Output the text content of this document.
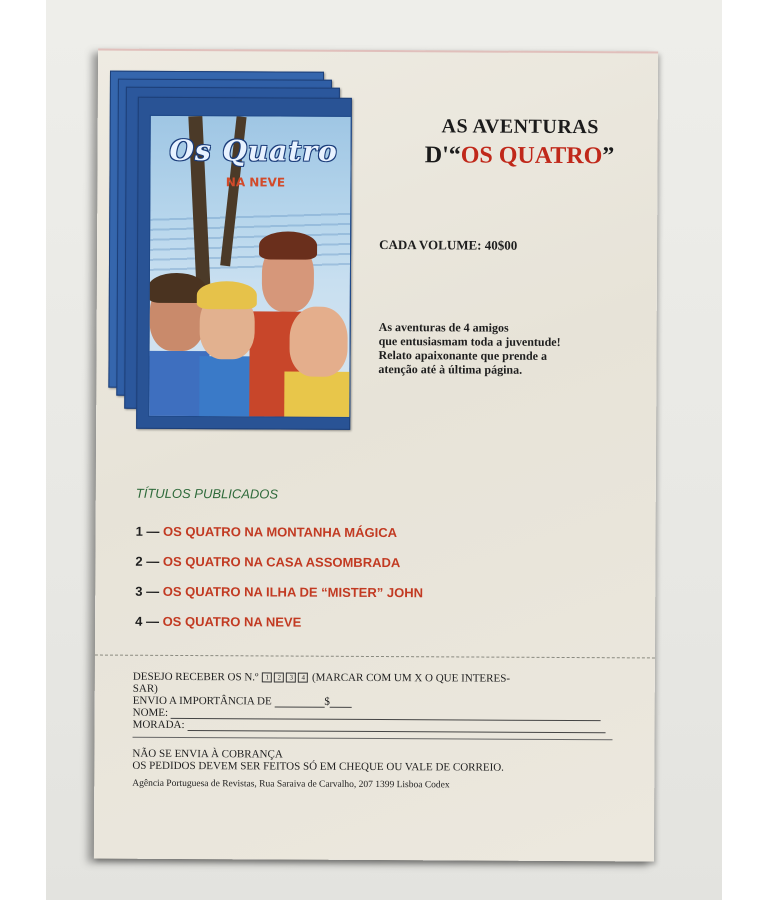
Os Quatro
NA NEVE
AS AVENTURAS
D'“OS QUATRO”
CADA VOLUME: 40$00
As aventuras de 4 amigos
que entusiasmam toda a juventude!
Relato apaixonante que prende a
atenção até à última página.
TÍTULOS PUBLICADOS
1 — OS QUATRO NA MONTANHA MÁGICA
2 — OS QUATRO NA CASA ASSOMBRADA
3 — OS QUATRO NA ILHA DE “MISTER” JOHN
4 — OS QUATRO NA NEVE
DESEJO RECEBER OS N.º 1 2 3 4 (MARCAR COM UM X O QUE INTERES-
SAR)
ENVIO A IMPORTÂNCIA DE	$
NOME:
MORADA:
NÃO SE ENVIA À COBRANÇA
OS PEDIDOS DEVEM SER FEITOS SÓ EM CHEQUE OU VALE DE CORREIO.
Agência Portuguesa de Revistas, Rua Saraiva de Carvalho, 207 1399 Lisboa Codex
